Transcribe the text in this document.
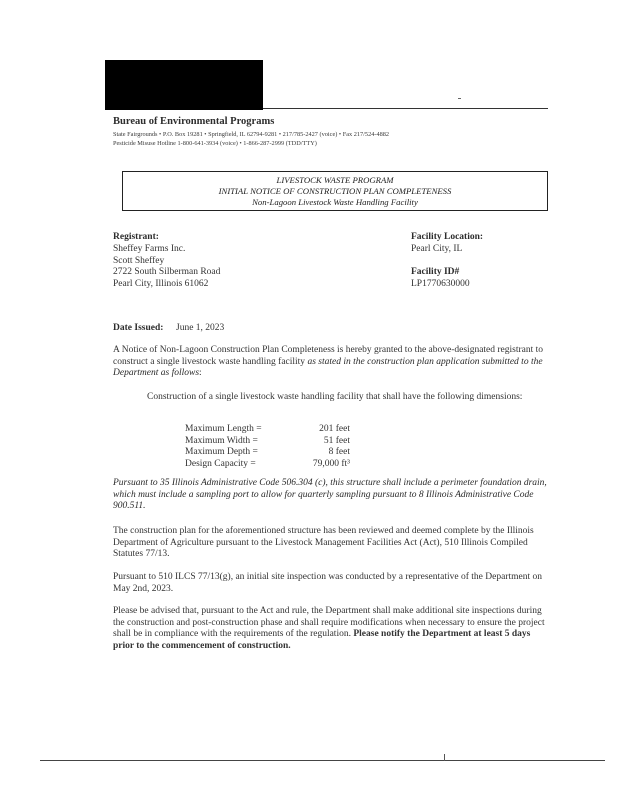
Bureau of Environmental Programs
State Fairgrounds • P.O. Box 19281 • Springfield, IL 62794-9281 • 217/785-2427 (voice) • Fax 217/524-4882
Pesticide Misuse Hotline 1-800-641-3934 (voice) • 1-866-287-2999 (TDD/TTY)
LIVESTOCK WASTE PROGRAM
INITIAL NOTICE OF CONSTRUCTION PLAN COMPLETENESS
Non-Lagoon Livestock Waste Handling Facility
Registrant:
Sheffey Farms Inc.
Scott Sheffey
2722 South Silberman Road
Pearl City, Illinois 61062
Facility Location:
Pearl City, IL
Facility ID#
LP1770630000
Date Issued: June 1, 2023
A Notice of Non-Lagoon Construction Plan Completeness is hereby granted to the above-designated registrant to construct a single livestock waste handling facility as stated in the construction plan application submitted to the Department as follows:
Construction of a single livestock waste handling facility that shall have the following dimensions:
Maximum Length =	201 feet
Maximum Width =	51 feet
Maximum Depth =	8 feet
Design Capacity =	79,000 ft³
Pursuant to 35 Illinois Administrative Code 506.304 (c), this structure shall include a perimeter foundation drain, which must include a sampling port to allow for quarterly sampling pursuant to 8 Illinois Administrative Code 900.511.
The construction plan for the aforementioned structure has been reviewed and deemed complete by the Illinois Department of Agriculture pursuant to the Livestock Management Facilities Act (Act), 510 Illinois Compiled Statutes 77/13.
Pursuant to 510 ILCS 77/13(g), an initial site inspection was conducted by a representative of the Department on May 2nd, 2023.
Please be advised that, pursuant to the Act and rule, the Department shall make additional site inspections during the construction and post-construction phase and shall require modifications when necessary to ensure the project shall be in compliance with the requirements of the regulation. Please notify the Department at least 5 days prior to the commencement of construction.
